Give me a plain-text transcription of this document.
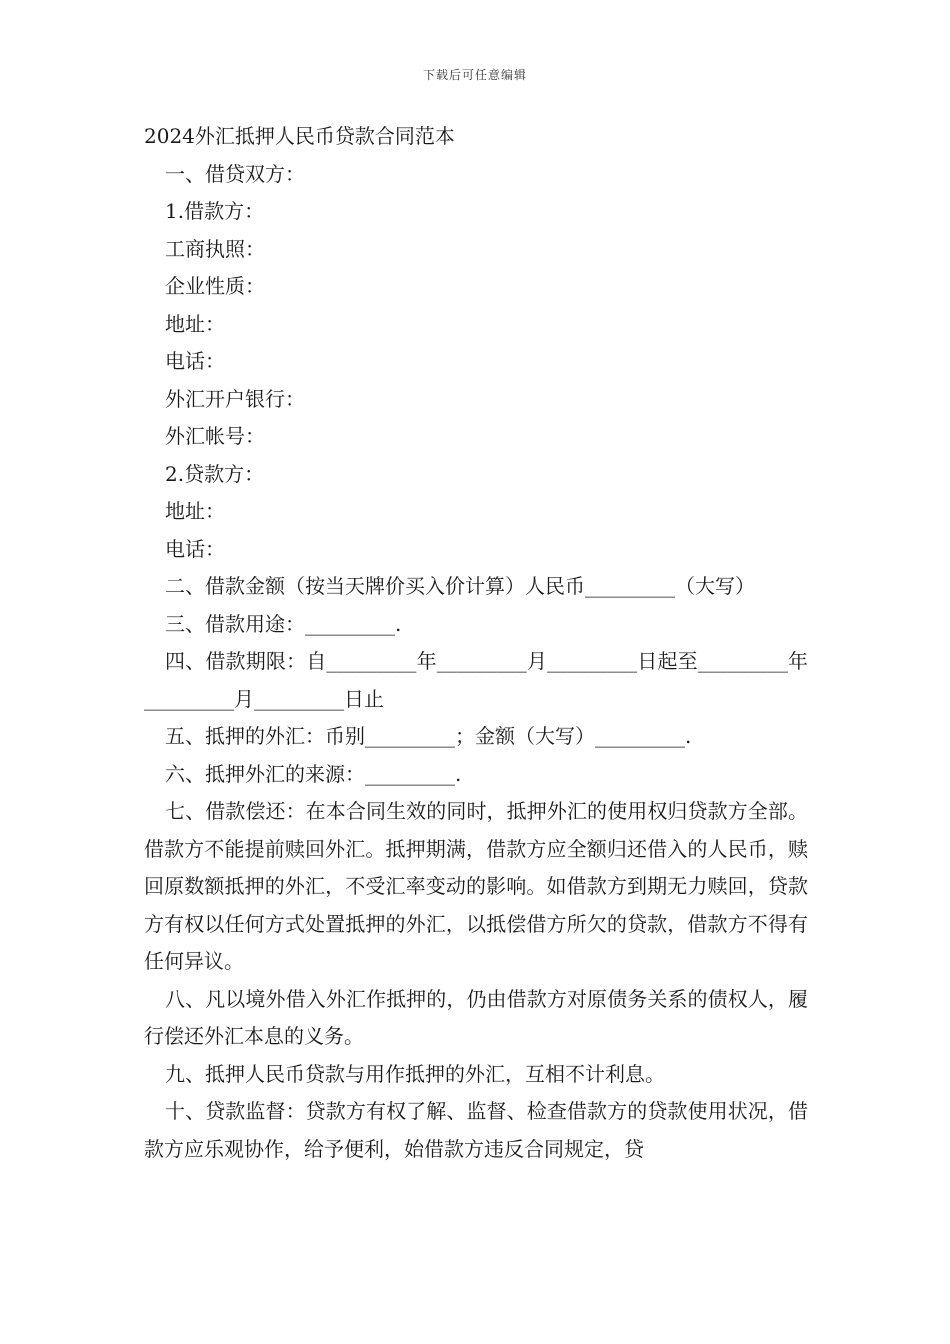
下载后可任意编辑
2024外汇抵押人民币贷款合同范本
一、借贷双方：
1.借款方：
工商执照：
企业性质：
地址：
电话：
外汇开户银行：
外汇帐号：
2.贷款方：
地址：
电话：
二、借款金额（按当天牌价买入价计算）人民币_________（大写）
三、借款用途：_________.
四、借款期限：自_________年_________月_________日起至_________年_________月_________日止
五、抵押的外汇：币别_________；金额（大写）_________.
六、抵押外汇的来源：_________.
七、借款偿还：在本合同生效的同时，抵押外汇的使用权归贷款方全部。借款方不能提前赎回外汇。抵押期满，借款方应全额归还借入的人民币，赎回原数额抵押的外汇，不受汇率变动的影响。如借款方到期无力赎回，贷款方有权以任何方式处置抵押的外汇，以抵偿借方所欠的贷款，借款方不得有任何异议。
八、凡以境外借入外汇作抵押的，仍由借款方对原债务关系的债权人，履行偿还外汇本息的义务。
九、抵押人民币贷款与用作抵押的外汇，互相不计利息。
十、贷款监督：贷款方有权了解、监督、检查借款方的贷款使用状况，借款方应乐观协作，给予便利，始借款方违反合同规定，贷
